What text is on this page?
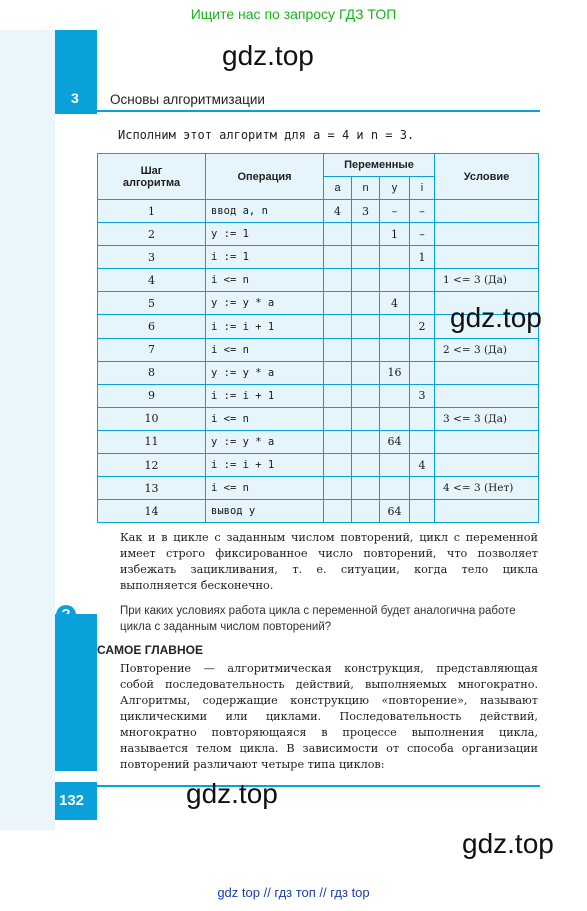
Ищите нас по запросу ГДЗ ТОП
3 Основы алгоритмизации
gdz.top
Исполним этот алгоритм для a = 4 и n = 3.
Шаг алгоритма	Операция	Переменные				Условие
		a	n	y	i	
1	ввод a, n	4	3	–	–	
2	y := 1			1	–	
3	i := 1				1	
4	i <= n					1 <= 3 (Да)
5	y := y * a			4		
6	i := i + 1				2	
7	i <= n					2 <= 3 (Да)
8	y := y * a			16		
9	i := i + 1				3	
10	i <= n					3 <= 3 (Да)
11	y := y * a			64		
12	i := i + 1				4	
13	i <= n					4 <= 3 (Нет)
14	вывод y			64		
gdz.top
Как и в цикле с заданным числом повторений, цикл с переменной имеет строго фиксированное число повторений, что позволяет избежать зацикливания, т. е. ситуации, когда тело цикла выполняется бесконечно.
При каких условиях работа цикла с переменной будет аналогична работе цикла с заданным числом повторений?
САМОЕ ГЛАВНОЕ
Повторение — алгоритмическая конструкция, представляющая собой последовательность действий, выполняемых многократно. Алгоритмы, содержащие конструкцию «повторение», называют циклическими или циклами. Последовательность действий, многократно повторяющаяся в процессе выполнения цикла, называется телом цикла. В зависимости от способа организации повторений различают четыре типа циклов:
132	gdz.top
gdz.top
gdz top // гдз топ // гдз top
